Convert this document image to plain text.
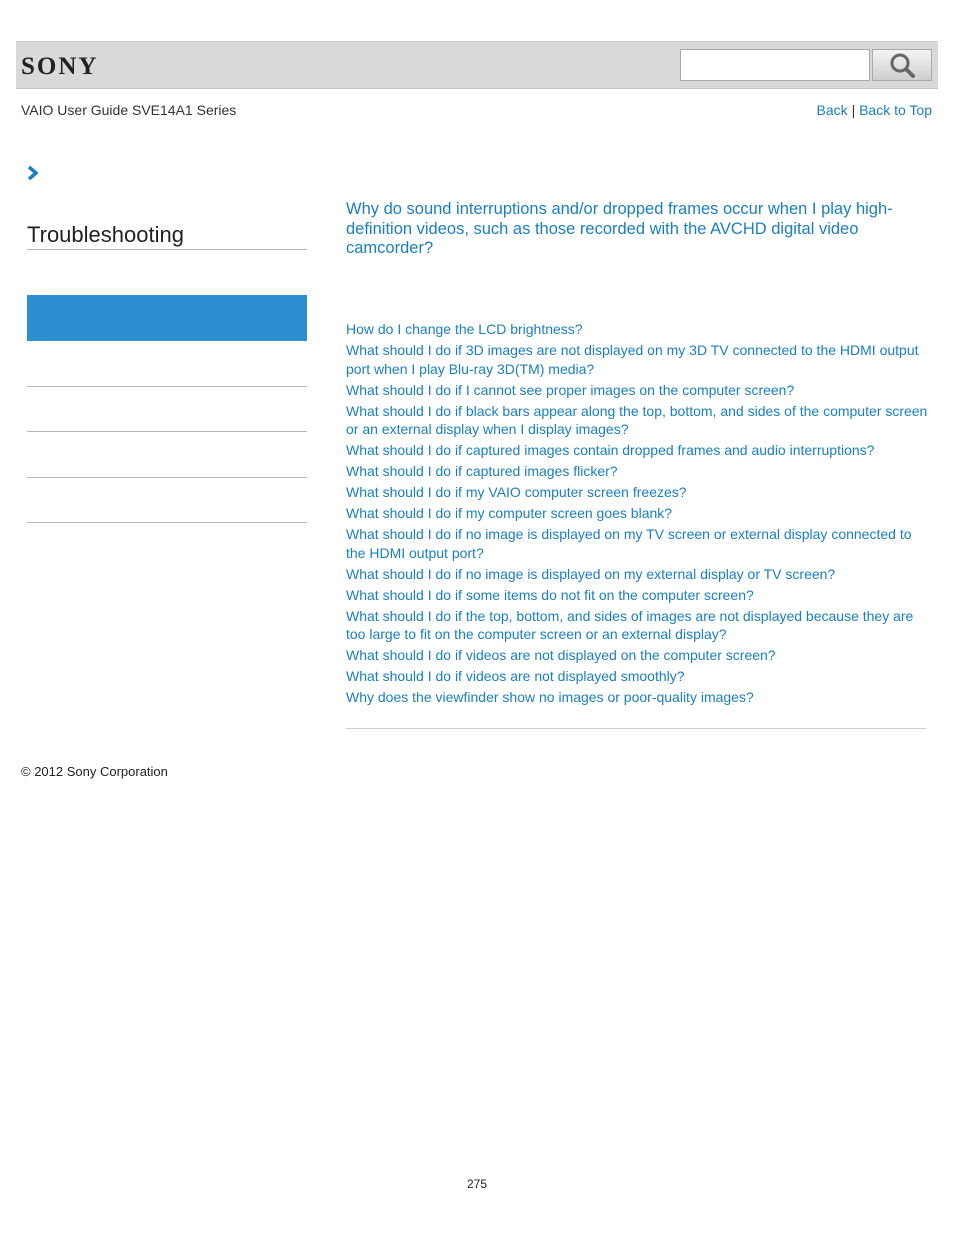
SONY
VAIO User Guide SVE14A1 Series	Back | Back to Top
Troubleshooting
Why do sound interruptions and/or dropped frames occur when I play high-definition videos, such as those recorded with the AVCHD digital video camcorder?
How do I change the LCD brightness?
What should I do if 3D images are not displayed on my 3D TV connected to the HDMI output port when I play Blu-ray 3D(TM) media?
What should I do if I cannot see proper images on the computer screen?
What should I do if black bars appear along the top, bottom, and sides of the computer screen or an external display when I display images?
What should I do if captured images contain dropped frames and audio interruptions?
What should I do if captured images flicker?
What should I do if my VAIO computer screen freezes?
What should I do if my computer screen goes blank?
What should I do if no image is displayed on my TV screen or external display connected to the HDMI output port?
What should I do if no image is displayed on my external display or TV screen?
What should I do if some items do not fit on the computer screen?
What should I do if the top, bottom, and sides of images are not displayed because they are too large to fit on the computer screen or an external display?
What should I do if videos are not displayed on the computer screen?
What should I do if videos are not displayed smoothly?
Why does the viewfinder show no images or poor-quality images?
© 2012 Sony Corporation
275
